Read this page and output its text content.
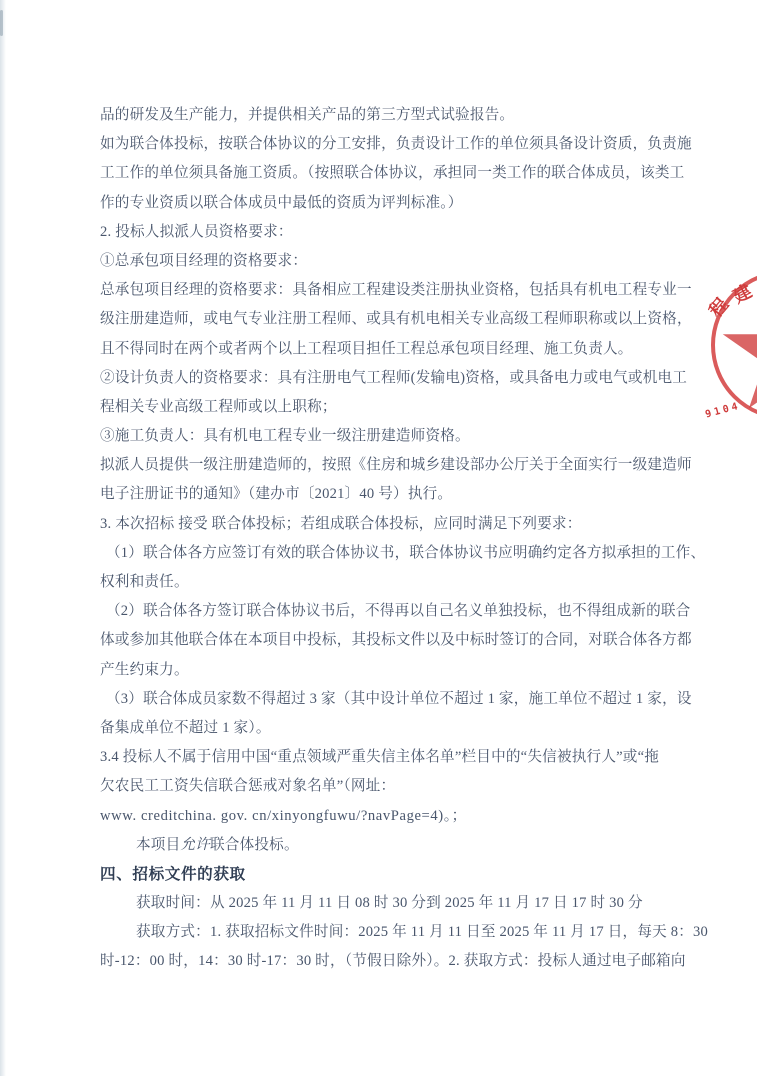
品的研发及生产能力，并提供相关产品的第三方型式试验报告。
如为联合体投标，按联合体协议的分工安排，负责设计工作的单位须具备设计资质，负责施
工工作的单位须具备施工资质。（按照联合体协议，承担同一类工作的联合体成员，该类工
作的专业资质以联合体成员中最低的资质为评判标准。）
2. 投标人拟派人员资格要求：
①总承包项目经理的资格要求：
总承包项目经理的资格要求：具备相应工程建设类注册执业资格，包括具有机电工程专业一
级注册建造师，或电气专业注册工程师、或具有机电相关专业高级工程师职称或以上资格，
且不得同时在两个或者两个以上工程项目担任工程总承包项目经理、施工负责人。
②设计负责人的资格要求：具有注册电气工程师(发输电)资格，或具备电力或电气或机电工
程相关专业高级工程师或以上职称；
③施工负责人：具有机电工程专业一级注册建造师资格。
拟派人员提供一级注册建造师的，按照《住房和城乡建设部办公厅关于全面实行一级建造师
电子注册证书的通知》（建办市〔2021〕40 号）执行。
3. 本次招标 接受 联合体投标；若组成联合体投标，应同时满足下列要求：
（1）联合体各方应签订有效的联合体协议书，联合体协议书应明确约定各方拟承担的工作、
权利和责任。
（2）联合体各方签订联合体协议书后，不得再以自己名义单独投标，也不得组成新的联合
体或参加其他联合体在本项目中投标，其投标文件以及中标时签订的合同，对联合体各方都
产生约束力。
（3）联合体成员家数不得超过 3 家（其中设计单位不超过 1 家，施工单位不超过 1 家，设
备集成单位不超过 1 家）。
3.4 投标人不属于信用中国“重点领域严重失信主体名单”栏目中的“失信被执行人”或“拖
欠农民工工资失信联合惩戒对象名单”（网址：
www. creditchina. gov. cn/xinyongfuwu/?navPage=4)。；
本项目允许联合体投标。
四、招标文件的获取
获取时间：从 2025 年 11 月 11 日 08 时 30 分到 2025 年 11 月 17 日 17 时 30 分
获取方式：1. 获取招标文件时间：2025 年 11 月 11 日至 2025 年 11 月 17 日，每天 8：30
时-12：00 时，14：30 时-17：30 时，（节假日除外）。2. 获取方式：投标人通过电子邮箱向
程
建
9104
